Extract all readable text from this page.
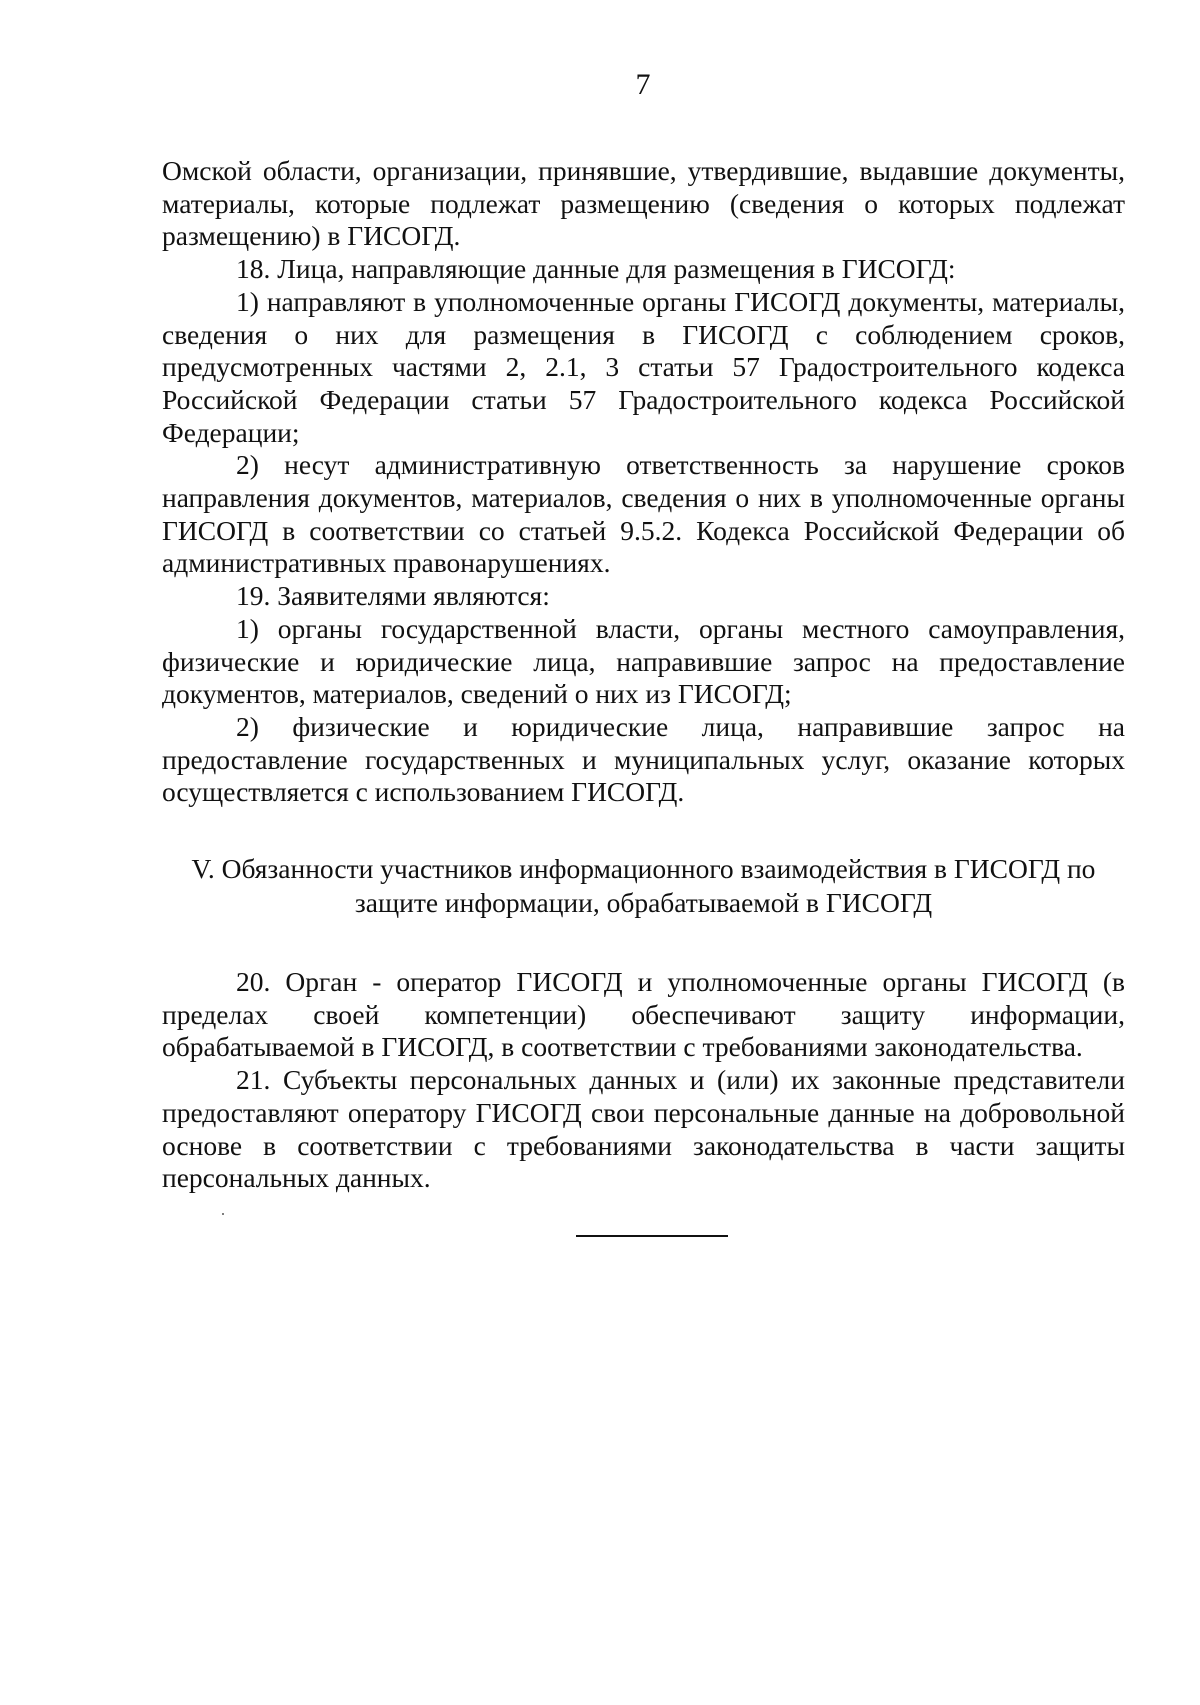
7

Омской области, организации, принявшие, утвердившие, выдавшие документы, материалы, которые подлежат размещению (сведения о которых подлежат размещению) в ГИСОГД.

18. Лица, направляющие данные для размещения в ГИСОГД:

1) направляют в уполномоченные органы ГИСОГД документы, материалы, сведения о них для размещения в ГИСОГД с соблюдением сроков, предусмотренных частями 2, 2.1, 3 статьи 57 Градостроительного кодекса Российской Федерации статьи 57 Градостроительного кодекса Российской Федерации;

2) несут административную ответственность за нарушение сроков направления документов, материалов, сведения о них в уполномоченные органы ГИСОГД в соответствии со статьей 9.5.2. Кодекса Российской Федерации об административных правонарушениях.

19. Заявителями являются:

1) органы государственной власти, органы местного самоуправления, физические и юридические лица, направившие запрос на предоставление документов, материалов, сведений о них из ГИСОГД;

2) физические и юридические лица, направившие запрос на предоставление государственных и муниципальных услуг, оказание которых осуществляется с использованием ГИСОГД.

V. Обязанности участников информационного взаимодействия в ГИСОГД по
защите информации, обрабатываемой в ГИСОГД

20. Орган - оператор ГИСОГД и уполномоченные органы ГИСОГД (в пределах своей компетенции) обеспечивают защиту информации, обрабатываемой в ГИСОГД, в соответствии с требованиями законодательства.

21. Субъекты персональных данных и (или) их законные представители предоставляют оператору ГИСОГД свои персональные данные на добровольной основе в соответствии с требованиями законодательства в части защиты персональных данных.
